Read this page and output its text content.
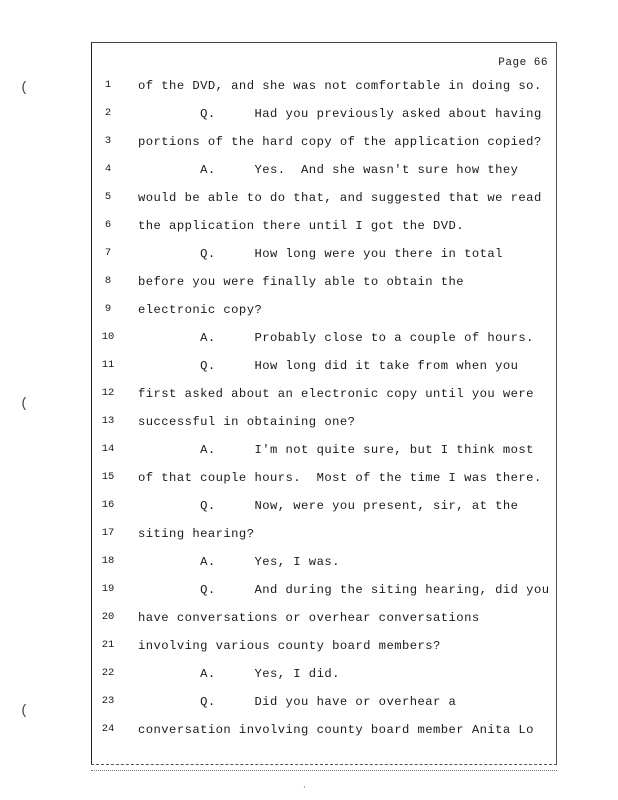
Page 66
(
(
(
1	of the DVD, and she was not comfortable in doing so.
2	Q.     Had you previously asked about having
3	portions of the hard copy of the application copied?
4	A.     Yes.  And she wasn't sure how they
5	would be able to do that, and suggested that we read
6	the application there until I got the DVD.
7	Q.     How long were you there in total
8	before you were finally able to obtain the
9	electronic copy?
10 A.     Probably close to a couple of hours.
11 Q.     How long did it take from when you
12 first asked about an electronic copy until you were
13 successful in obtaining one?
14 A.     I'm not quite sure, but I think most
15 of that couple hours.  Most of the time I was there.
16 Q.     Now, were you present, sir, at the
17 siting hearing?
18 A.     Yes, I was.
19 Q.     And during the siting hearing, did you
20 have conversations or overhear conversations
21 involving various county board members?
22 A.     Yes, I did.
23 Q.     Did you have or overhear a
24 conversation involving county board member Anita Lo
·
